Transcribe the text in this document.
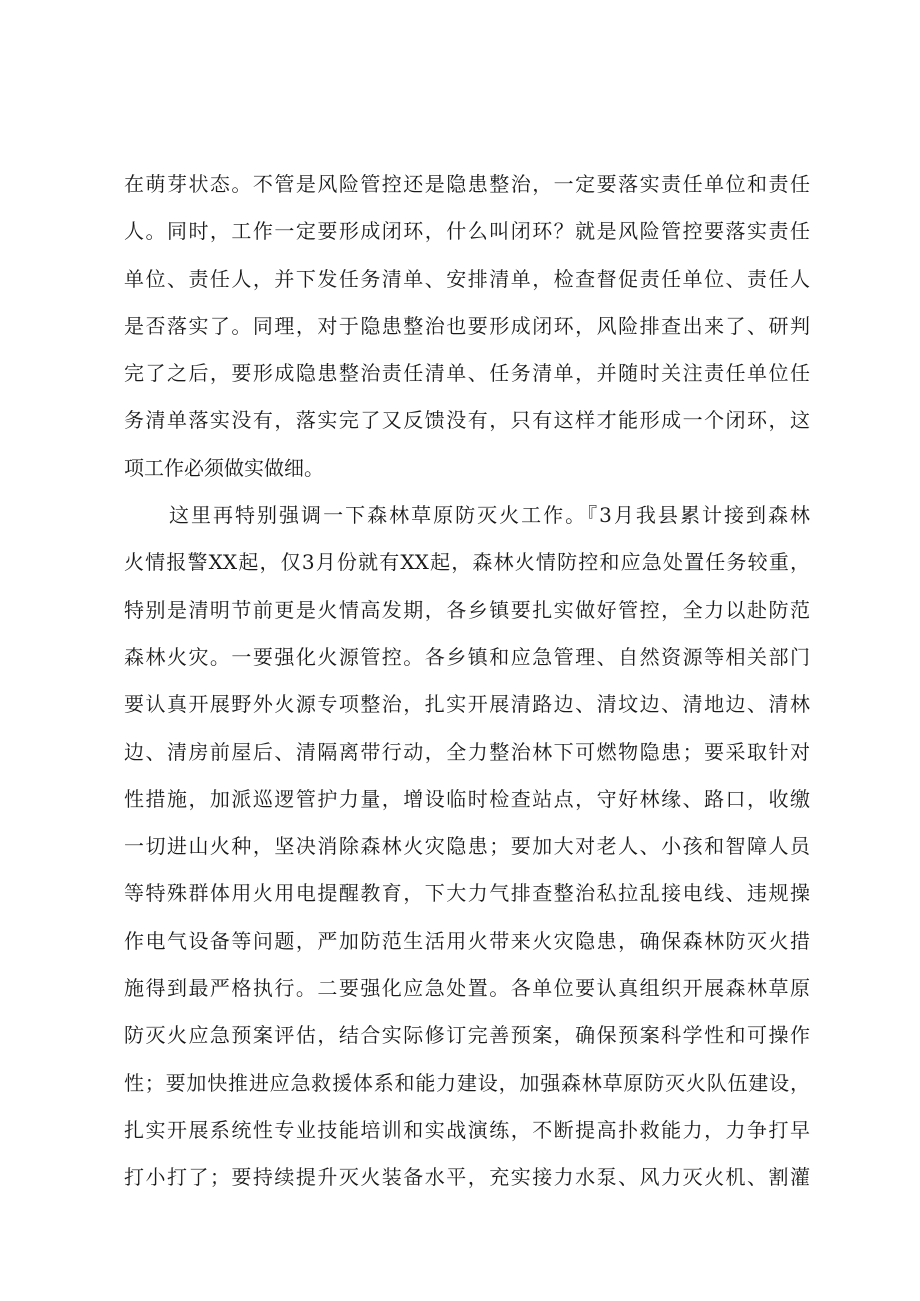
在萌芽状态。不管是风险管控还是隐患整治，一定要落实责任单位和责任
人。同时，工作一定要形成闭环，什么叫闭环？就是风险管控要落实责任
单位、责任人，并下发任务清单、安排清单，检查督促责任单位、责任人
是否落实了。同理，对于隐患整治也要形成闭环，风险排查出来了、研判
完了之后，要形成隐患整治责任清单、任务清单，并随时关注责任单位任
务清单落实没有，落实完了又反馈没有，只有这样才能形成一个闭环，这
项工作必须做实做细。
这里再特别强调一下森林草原防灭火工作。『3月我县累计接到森林
火情报警XX起，仅3月份就有XX起，森林火情防控和应急处置任务较重，
特别是清明节前更是火情高发期，各乡镇要扎实做好管控，全力以赴防范
森林火灾。一要强化火源管控。各乡镇和应急管理、自然资源等相关部门
要认真开展野外火源专项整治，扎实开展清路边、清坟边、清地边、清林
边、清房前屋后、清隔离带行动，全力整治林下可燃物隐患；要采取针对
性措施，加派巡逻管护力量，增设临时检查站点，守好林缘、路口，收缴
一切进山火种，坚决消除森林火灾隐患；要加大对老人、小孩和智障人员
等特殊群体用火用电提醒教育，下大力气排查整治私拉乱接电线、违规操
作电气设备等问题，严加防范生活用火带来火灾隐患，确保森林防灭火措
施得到最严格执行。二要强化应急处置。各单位要认真组织开展森林草原
防灭火应急预案评估，结合实际修订完善预案，确保预案科学性和可操作
性；要加快推进应急救援体系和能力建设，加强森林草原防灭火队伍建设，
扎实开展系统性专业技能培训和实战演练，不断提高扑救能力，力争打早
打小打了；要持续提升灭火装备水平，充实接力水泵、风力灭火机、割灌
